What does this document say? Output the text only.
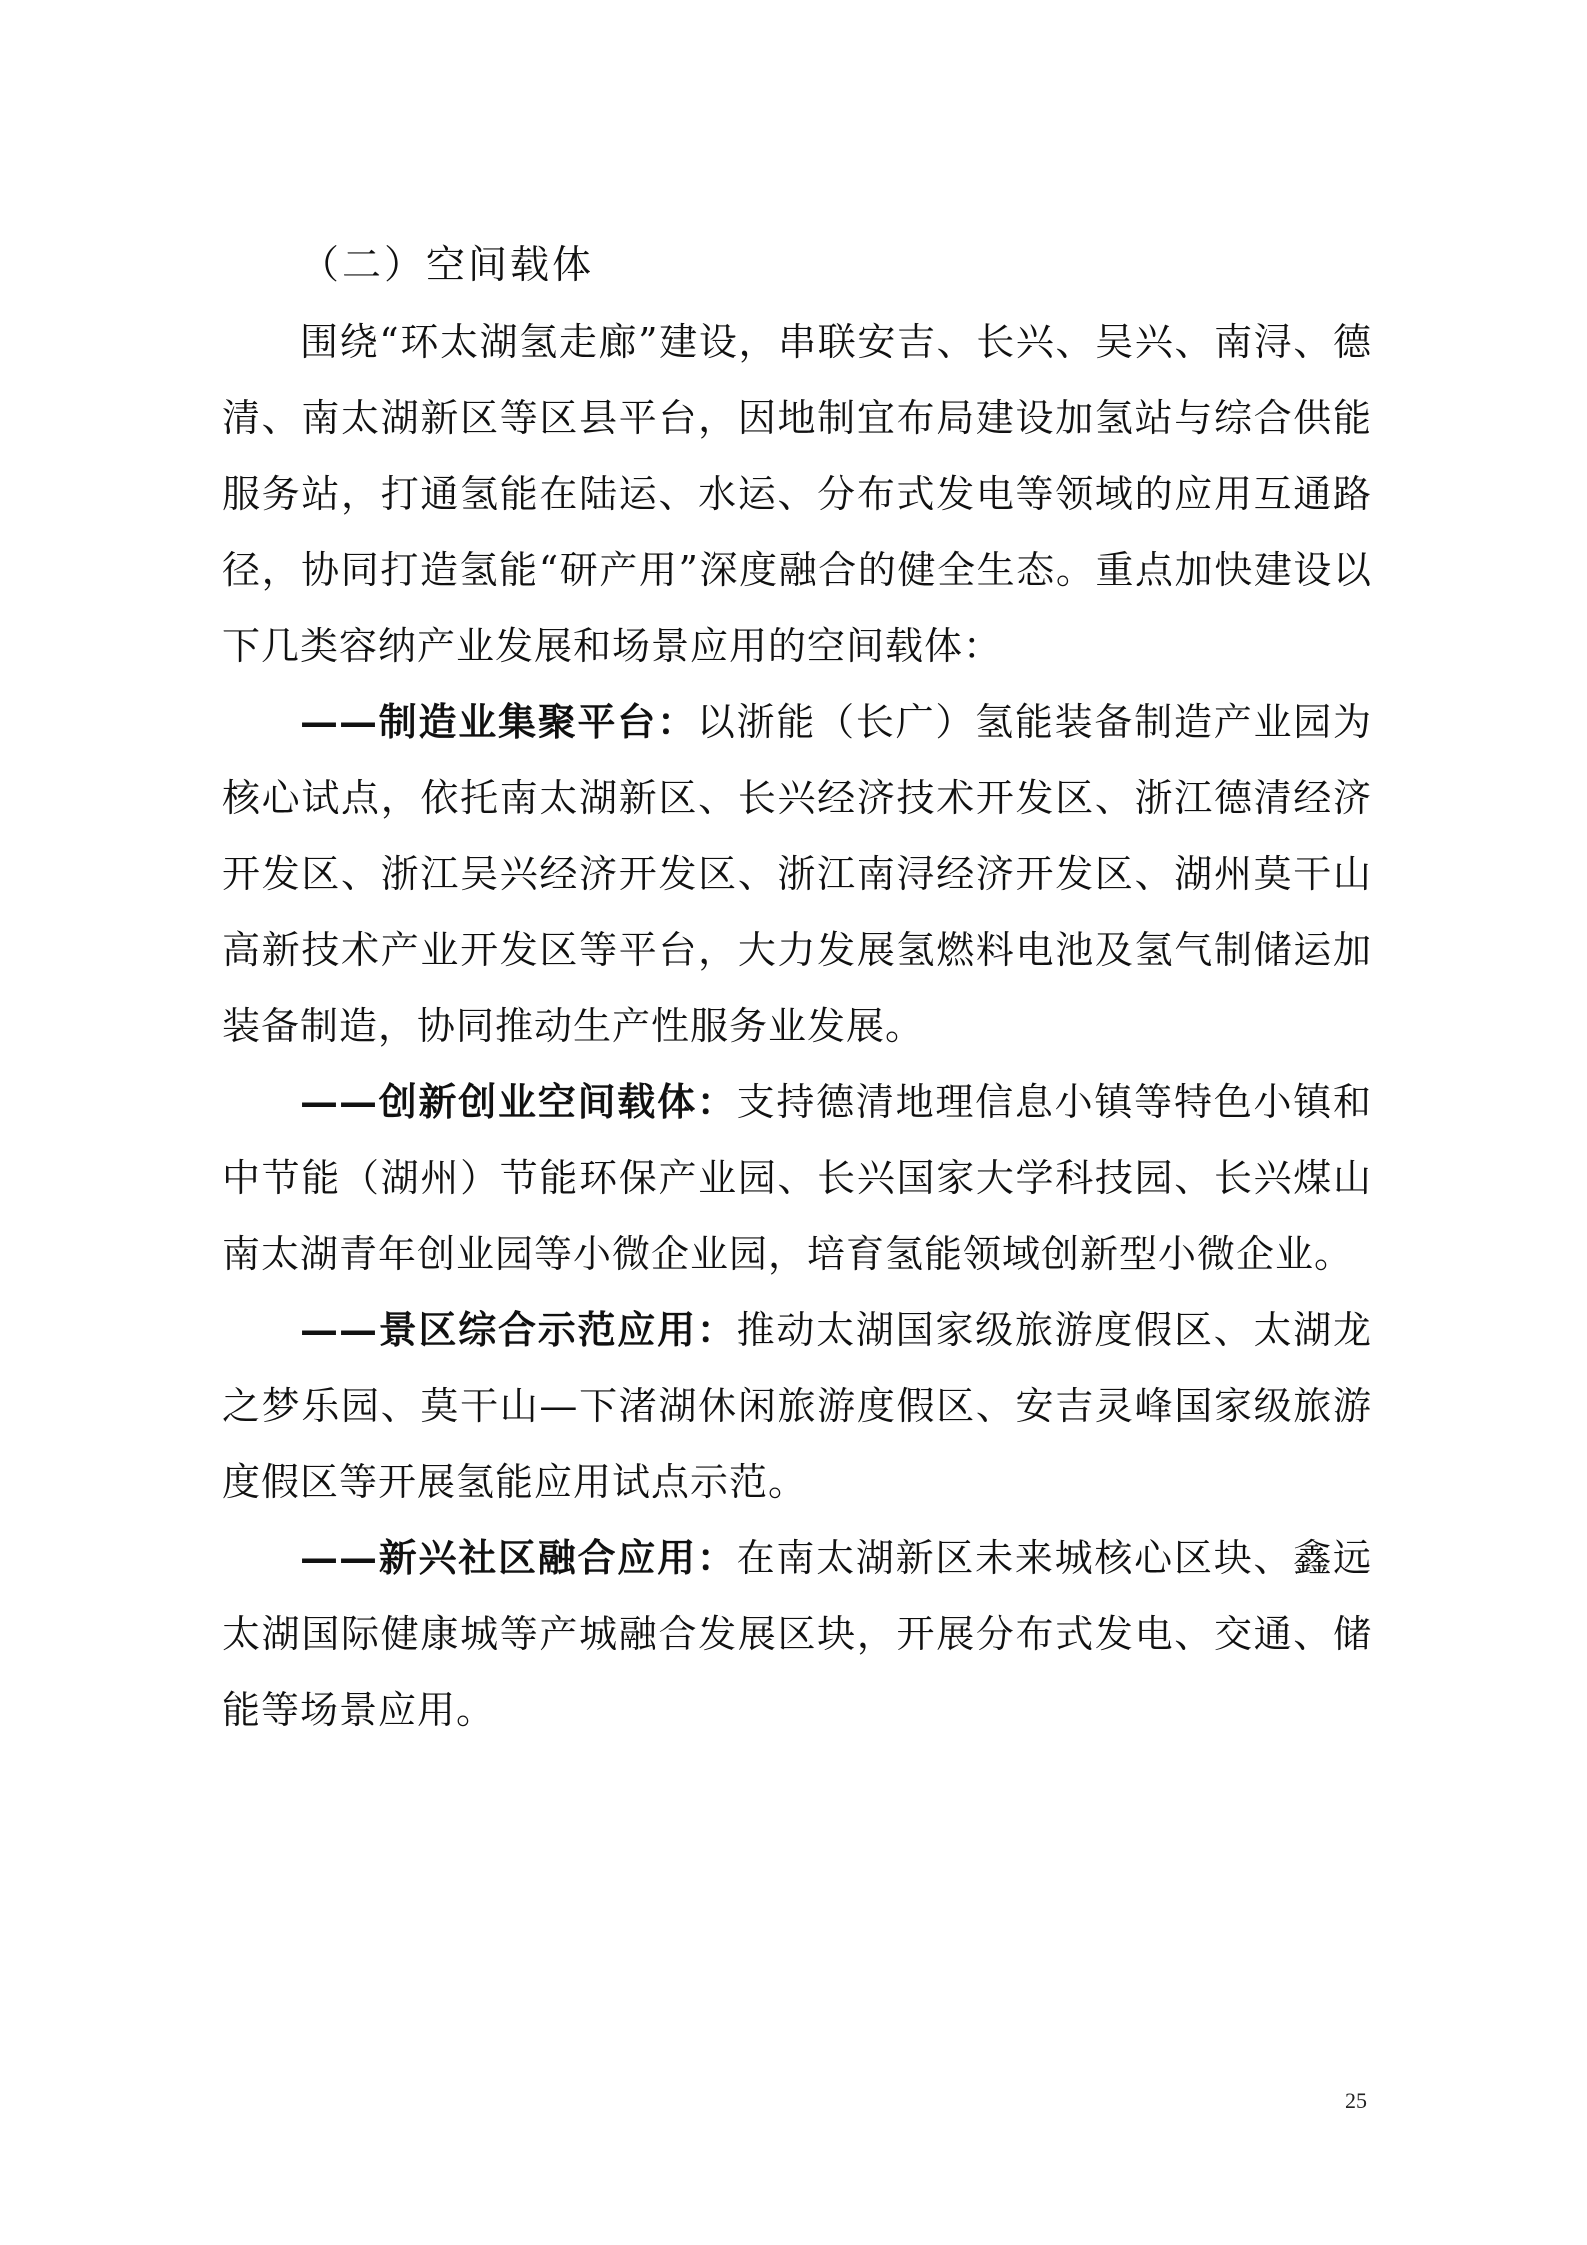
（二）空间载体

围绕“环太湖氢走廊”建设，串联安吉、长兴、吴兴、南浔、德清、南太湖新区等区县平台，因地制宜布局建设加氢站与综合供能服务站，打通氢能在陆运、水运、分布式发电等领域的应用互通路径，协同打造氢能“研产用”深度融合的健全生态。重点加快建设以下几类容纳产业发展和场景应用的空间载体：

——制造业集聚平台：以浙能（长广）氢能装备制造产业园为核心试点，依托南太湖新区、长兴经济技术开发区、浙江德清经济开发区、浙江吴兴经济开发区、浙江南浔经济开发区、湖州莫干山高新技术产业开发区等平台，大力发展氢燃料电池及氢气制储运加装备制造，协同推动生产性服务业发展。

——创新创业空间载体：支持德清地理信息小镇等特色小镇和中节能（湖州）节能环保产业园、长兴国家大学科技园、长兴煤山南太湖青年创业园等小微企业园，培育氢能领域创新型小微企业。

——景区综合示范应用：推动太湖国家级旅游度假区、太湖龙之梦乐园、莫干山—下渚湖休闲旅游度假区、安吉灵峰国家级旅游度假区等开展氢能应用试点示范。

——新兴社区融合应用：在南太湖新区未来城核心区块、鑫远太湖国际健康城等产城融合发展区块，开展分布式发电、交通、储能等场景应用。

25
